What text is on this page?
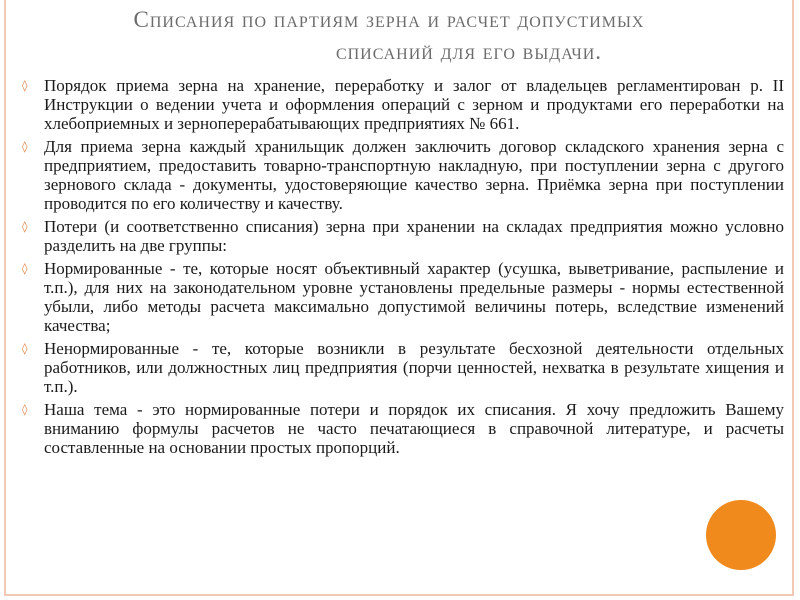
Списания по партиям зерна и расчет допустимых
списаний для его выдачи.
◊ Порядок приема зерна на хранение, переработку и залог от владельцев регламентирован р. II Инструкции о ведении учета и оформления операций с зерном и продуктами его переработки на хлебоприемных и зерноперерабатывающих предприятиях № 661.
◊ Для приема зерна каждый хранильщик должен заключить договор складского хранения зерна с предприятием, предоставить товарно-транспортную накладную, при поступлении зерна с другого зернового склада - документы, удостоверяющие качество зерна. Приёмка зерна при поступлении проводится по его количеству и качеству.
◊ Потери (и соответственно списания) зерна при хранении на складах предприятия можно условно разделить на две группы:
◊ Нормированные - те, которые носят объективный характер (усушка, выветривание, распыление и т.п.), для них на законодательном уровне установлены предельные размеры - нормы естественной убыли, либо методы расчета максимально допустимой величины потерь, вследствие изменений качества;
◊ Ненормированные - те, которые возникли в результате бесхозной деятельности отдельных работников, или должностных лиц предприятия (порчи ценностей, нехватка в результате хищения и т.п.).
◊ Наша тема - это нормированные потери и порядок их списания. Я хочу предложить Вашему вниманию формулы расчетов не часто печатающиеся в справочной литературе, и расчеты составленные на основании простых пропорций.
